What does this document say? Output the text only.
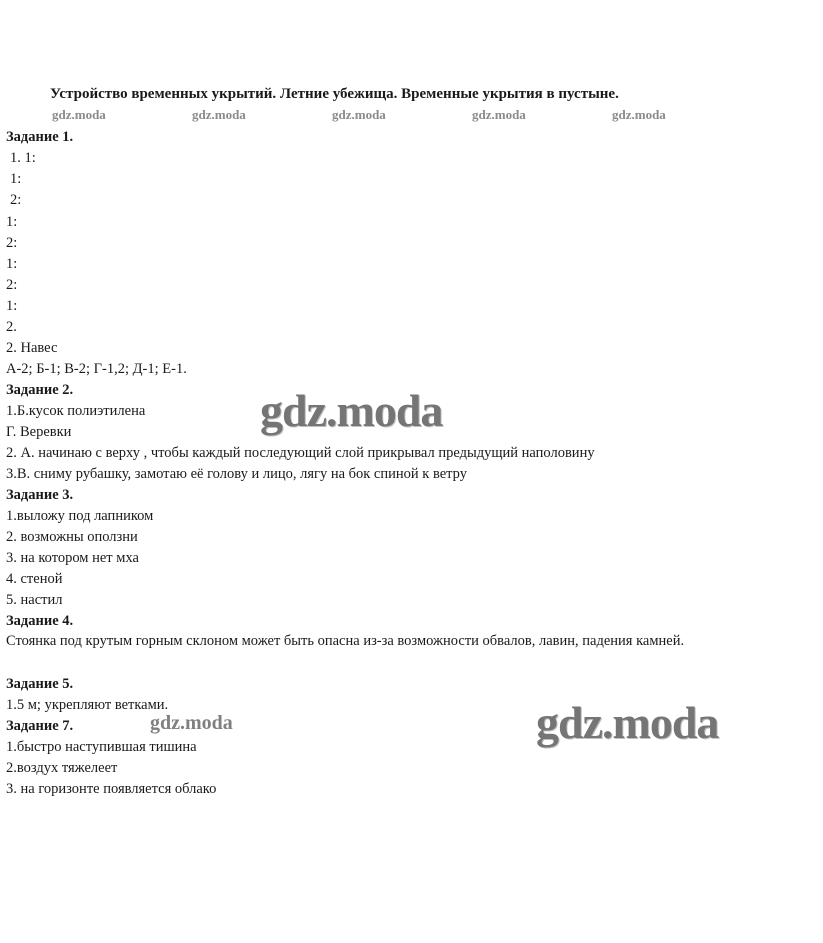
Устройство временных укрытий. Летние убежища. Временные укрытия в пустыне.
gdz.moda	gdz.moda	gdz.moda	gdz.moda	gdz.moda
Задание 1.
1. 1:
1:
2:
1:
2:
1:
2:
1:
2.
2. Навес
А-2; Б-1; В-2; Г-1,2; Д-1; Е-1.
Задание 2.
1.Б.кусок полиэтилена
Г. Веревки
2. А. начинаю с верху , чтобы каждый последующий слой прикрывал предыдущий наполовину
3.В. сниму рубашку, замотаю её голову и лицо, лягу на бок спиной к ветру
Задание 3.
1.выложу под лапником
2. возможны оползни
3. на котором нет мха
4. стеной
5. настил
Задание 4.
Стоянка под крутым горным склоном может быть опасна из-за возможности обвалов, лавин, падения камней.
Задание 5.
1.5 м; укрепляют ветками.
Задание 7.
1.быстро наступившая тишина
2.воздух тяжелеет
3. на горизонте появляется облако
gdz.moda
gdz.moda
gdz.moda
